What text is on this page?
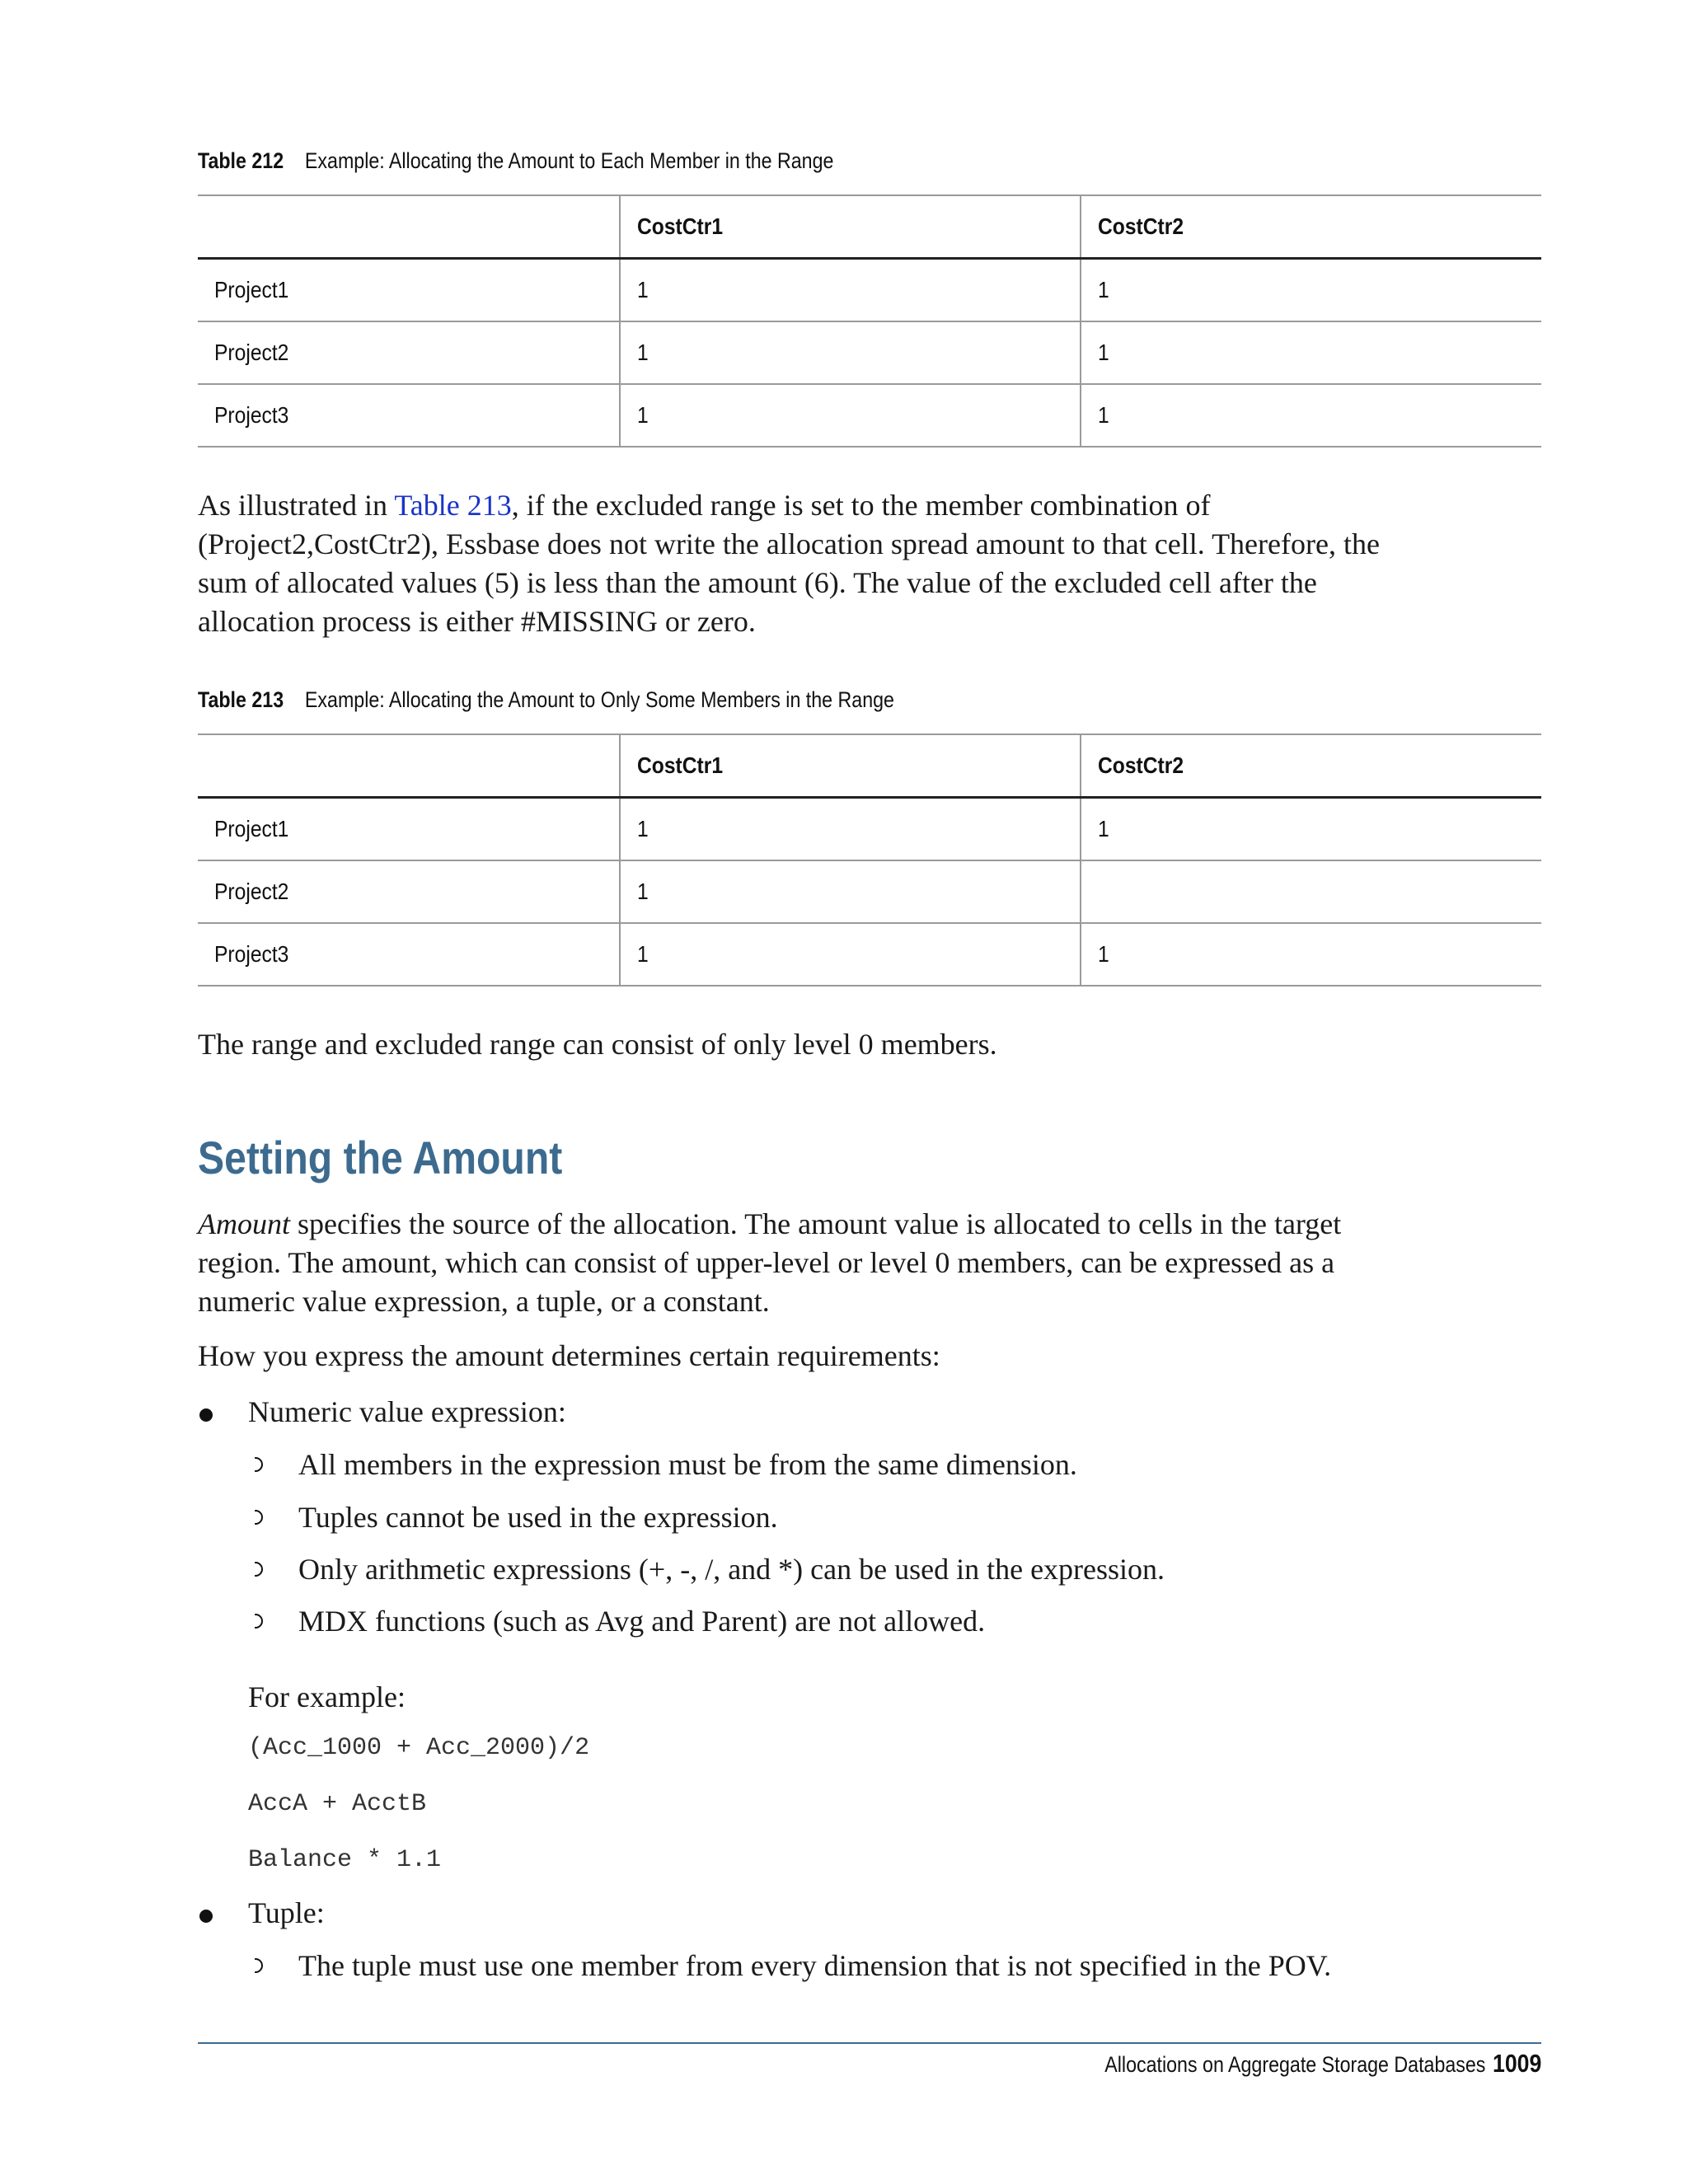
Table 212 Example: Allocating the Amount to Each Member in the Range
	CostCtr1	CostCtr2
Project1	1	1
Project2	1	1
Project3	1	1

As illustrated in Table 213, if the excluded range is set to the member combination of (Project2,CostCtr2), Essbase does not write the allocation spread amount to that cell. Therefore, the sum of allocated values (5) is less than the amount (6). The value of the excluded cell after the allocation process is either #MISSING or zero.

Table 213 Example: Allocating the Amount to Only Some Members in the Range
	CostCtr1	CostCtr2
Project1	1	1
Project2	1	
Project3	1	1

The range and excluded range can consist of only level 0 members.

Setting the Amount

Amount specifies the source of the allocation. The amount value is allocated to cells in the target region. The amount, which can consist of upper-level or level 0 members, can be expressed as a numeric value expression, a tuple, or a constant.

How you express the amount determines certain requirements:

Numeric value expression:
All members in the expression must be from the same dimension.
Tuples cannot be used in the expression.
Only arithmetic expressions (+, -, /, and *) can be used in the expression.
MDX functions (such as Avg and Parent) are not allowed.
For example:
(Acc_1000 + Acc_2000)/2
AccA + AcctB
Balance * 1.1
Tuple:
The tuple must use one member from every dimension that is not specified in the POV.
Allocations on Aggregate Storage Databases 1009
